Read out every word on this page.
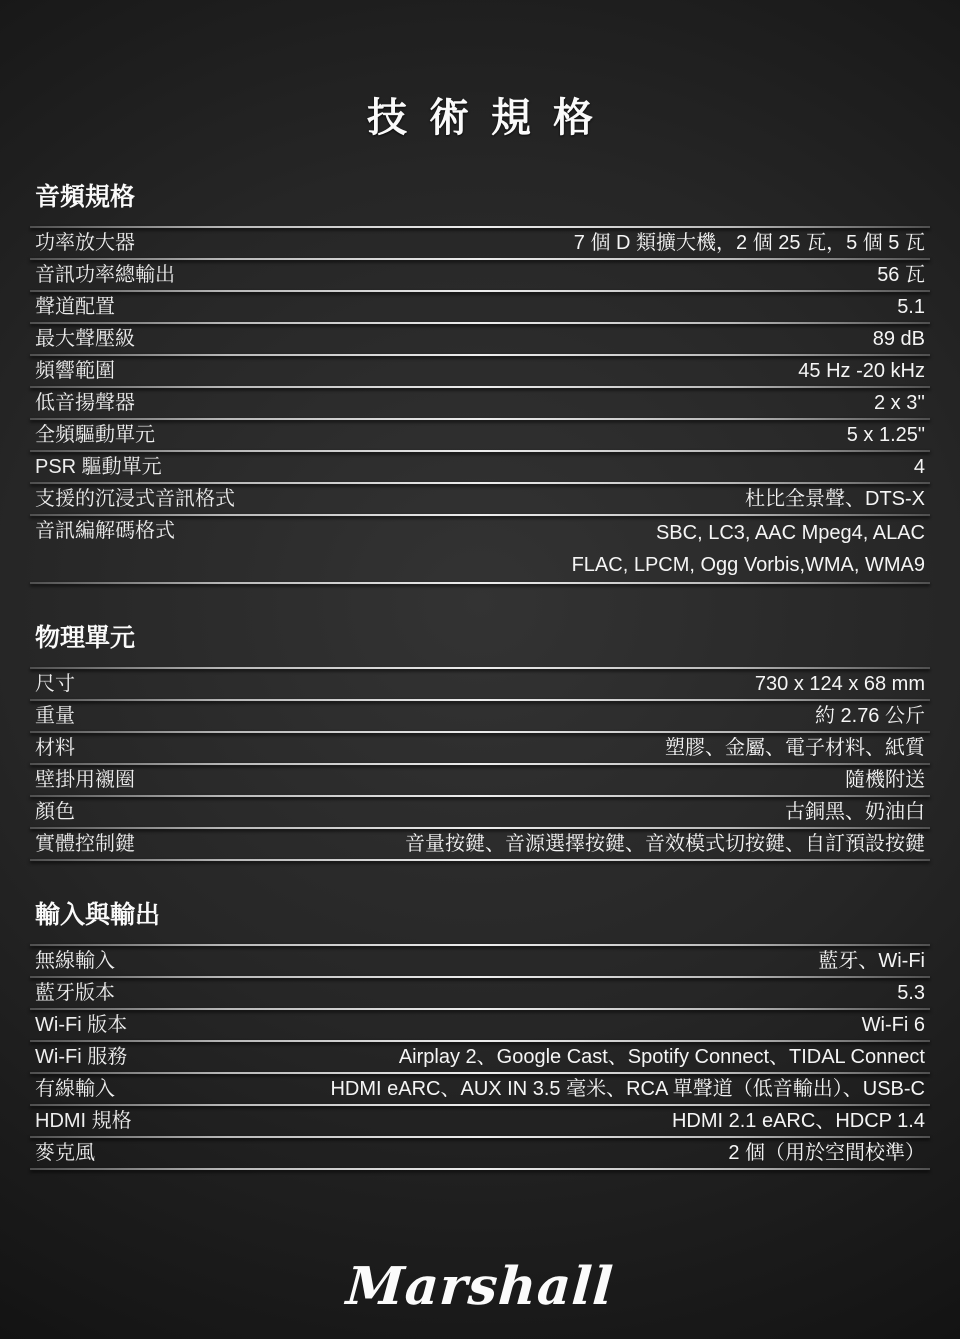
技術規格
音頻規格
功率放大器	7 個 D 類擴大機，2 個 25 瓦，5 個 5 瓦
音訊功率總輸出	56 瓦
聲道配置	5.1
最大聲壓級	89 dB
頻響範圍	45 Hz -20 kHz
低音揚聲器	2 x 3''
全頻驅動單元	5 x 1.25"
PSR 驅動單元	4
支援的沉浸式音訊格式	杜比全景聲、DTS-X
音訊編解碼格式	SBC, LC3, AAC Mpeg4, ALAC
FLAC, LPCM, Ogg Vorbis,WMA, WMA9
物理單元
尺寸	730 x 124 x 68 mm
重量	約 2.76 公斤
材料	塑膠、金屬、電子材料、紙質
壁掛用襯圈	隨機附送
顏色	古銅黑、奶油白
實體控制鍵	音量按鍵、音源選擇按鍵、音效模式切按鍵、自訂預設按鍵
輸入與輸出
無線輸入	藍牙、Wi-Fi
藍牙版本	5.3
Wi-Fi 版本	Wi-Fi 6
Wi-Fi 服務	Airplay 2、Google Cast、Spotify Connect、TIDAL Connect
有線輸入	HDMI eARC、AUX IN 3.5 毫米、RCA 單聲道（低音輸出）、USB-C
HDMI 規格	HDMI 2.1 eARC、HDCP 1.4
麥克風	2 個（用於空間校準）
Marshall
